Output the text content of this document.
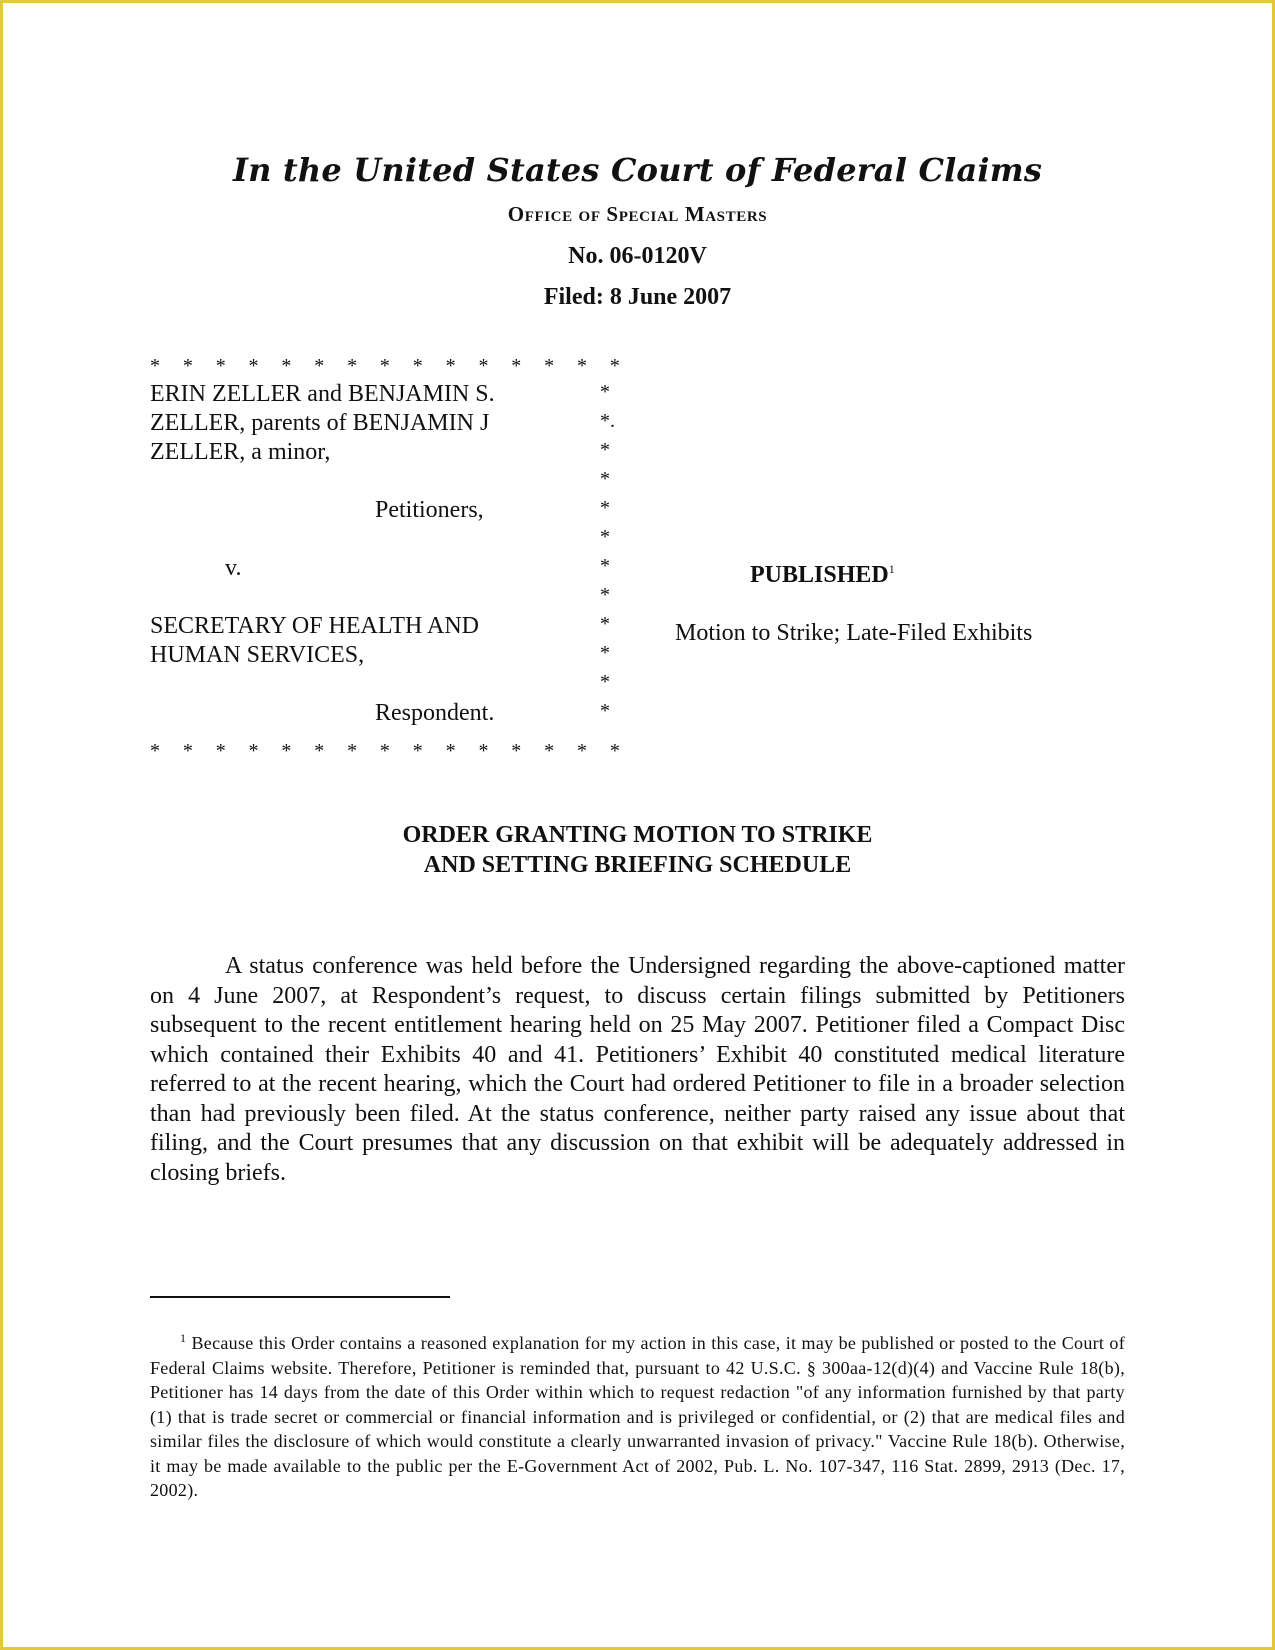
In the United States Court of Federal Claims
Office of Special Masters
No. 06-0120V
Filed: 8 June 2007
* * * * * * * * * * * * * * *
ERIN ZELLER and BENJAMIN S.
ZELLER, parents of BENJAMIN J
ZELLER, a minor,
Petitioners,
v.
SECRETARY OF HEALTH AND
HUMAN SERVICES,
Respondent.
*
*.
*
*
*
*
*
*
*
*
*
*
* * * * * * * * * * * * * * *
PUBLISHED$^1$
Motion to Strike; Late-Filed Exhibits
ORDER GRANTING MOTION TO STRIKE
AND SETTING BRIEFING SCHEDULE
A status conference was held before the Undersigned regarding the above-captioned matter on 4 June 2007, at Respondent’s request, to discuss certain filings submitted by Petitioners subsequent to the recent entitlement hearing held on 25 May 2007. Petitioner filed a Compact Disc which contained their Exhibits 40 and 41. Petitioners’ Exhibit 40 constituted medical literature referred to at the recent hearing, which the Court had ordered Petitioner to file in a broader selection than had previously been filed. At the status conference, neither party raised any issue about that filing, and the Court presumes that any discussion on that exhibit will be adequately addressed in closing briefs.
$^1$ Because this Order contains a reasoned explanation for my action in this case, it may be published or posted to the Court of Federal Claims website. Therefore, Petitioner is reminded that, pursuant to 42 U.S.C. § 300aa-12(d)(4) and Vaccine Rule 18(b), Petitioner has 14 days from the date of this Order within which to request redaction "of any information furnished by that party (1) that is trade secret or commercial or financial information and is privileged or confidential, or (2) that are medical files and similar files the disclosure of which would constitute a clearly unwarranted invasion of privacy." Vaccine Rule 18(b). Otherwise, it may be made available to the public per the E-Government Act of 2002, Pub. L. No. 107-347, 116 Stat. 2899, 2913 (Dec. 17, 2002).
